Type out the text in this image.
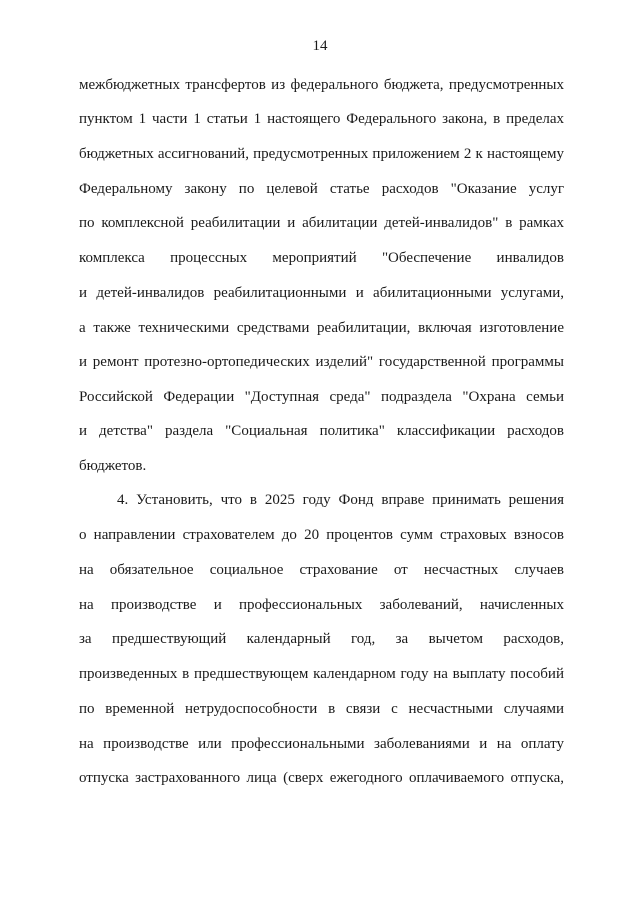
14
межбюджетных трансфертов из федерального бюджета, предусмотренных
пунктом 1 части 1 статьи 1 настоящего Федерального закона, в пределах
бюджетных ассигнований, предусмотренных приложением 2 к настоящему
Федеральному закону по целевой статье расходов "Оказание услуг
по комплексной реабилитации и абилитации детей-инвалидов" в рамках
комплекса процессных мероприятий "Обеспечение инвалидов
и детей-инвалидов реабилитационными и абилитационными услугами,
а также техническими средствами реабилитации, включая изготовление
и ремонт протезно-ортопедических изделий" государственной программы
Российской Федерации "Доступная среда" подраздела "Охрана семьи
и детства" раздела "Социальная политика" классификации расходов
бюджетов.
4. Установить, что в 2025 году Фонд вправе принимать решения
о направлении страхователем до 20 процентов сумм страховых взносов
на обязательное социальное страхование от несчастных случаев
на производстве и профессиональных заболеваний, начисленных
за предшествующий календарный год, за вычетом расходов,
произведенных в предшествующем календарном году на выплату пособий
по временной нетрудоспособности в связи с несчастными случаями
на производстве или профессиональными заболеваниями и на оплату
отпуска застрахованного лица (сверх ежегодного оплачиваемого отпуска,
